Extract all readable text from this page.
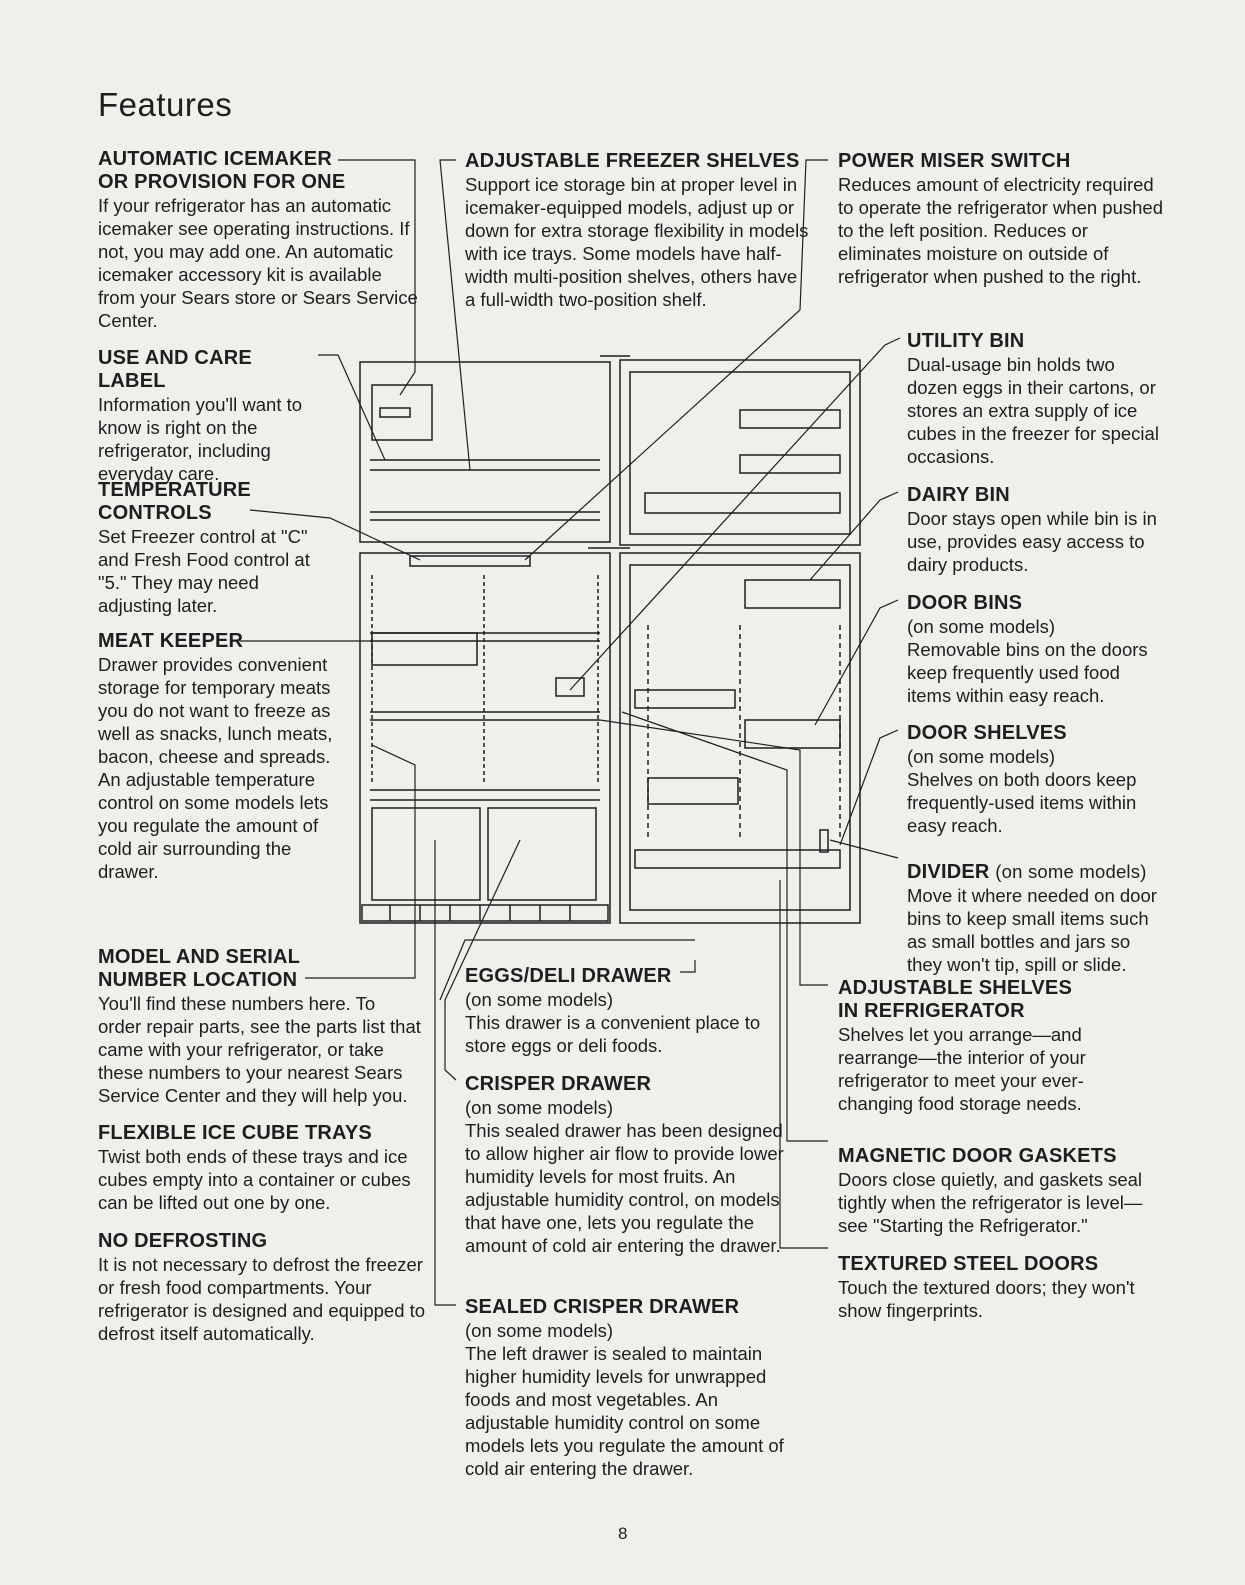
Features
AUTOMATIC ICEMAKER
OR PROVISION FOR ONE

If your refrigerator has an automatic icemaker see operating instructions. If not, you may add one. An automatic icemaker accessory kit is available from your Sears store or Sears Service Center.

USE AND CARE LABEL

Information you'll want to know is right on the refrigerator, including everyday care.

TEMPERATURE
CONTROLS

Set Freezer control at "C" and Fresh Food control at "5." They may need adjusting later.

MEAT KEEPER

Drawer provides convenient storage for temporary meats you do not want to freeze as well as snacks, lunch meats, bacon, cheese and spreads. An adjustable temperature control on some models lets you regulate the amount of cold air surrounding the drawer.

MODEL AND SERIAL
NUMBER LOCATION

You'll find these numbers here. To order repair parts, see the parts list that came with your refrigerator, or take these numbers to your nearest Sears Service Center and they will help you.

FLEXIBLE ICE CUBE TRAYS

Twist both ends of these trays and ice cubes empty into a container or cubes can be lifted out one by one.

NO DEFROSTING

It is not necessary to defrost the freezer or fresh food compartments. Your refrigerator is designed and equipped to defrost itself automatically.

ADJUSTABLE FREEZER SHELVES

Support ice storage bin at proper level in icemaker-equipped models, adjust up or down for extra storage flexibility in models with ice trays. Some models have half-width multi-position shelves, others have a full-width two-position shelf.

EGGS/DELI DRAWER
(on some models)

This drawer is a convenient place to store eggs or deli foods.

CRISPER DRAWER
(on some models)

This sealed drawer has been designed to allow higher air flow to provide lower humidity levels for most fruits. An adjustable humidity control, on models that have one, lets you regulate the amount of cold air entering the drawer.

SEALED CRISPER DRAWER
(on some models)

The left drawer is sealed to maintain higher humidity levels for unwrapped foods and most vegetables. An adjustable humidity control on some models lets you regulate the amount of cold air entering the drawer.

POWER MISER SWITCH

Reduces amount of electricity required to operate the refrigerator when pushed to the left position. Reduces or eliminates moisture on outside of refrigerator when pushed to the right.

UTILITY BIN

Dual-usage bin holds two dozen eggs in their cartons, or stores an extra supply of ice cubes in the freezer for special occasions.

DAIRY BIN

Door stays open while bin is in use, provides easy access to dairy products.

DOOR BINS
(on some models)

Removable bins on the doors keep frequently used food items within easy reach.

DOOR SHELVES
(on some models)

Shelves on both doors keep frequently-used items within easy reach.

DIVIDER (on some models)

Move it where needed on door bins to keep small items such as small bottles and jars so they won't tip, spill or slide.

ADJUSTABLE SHELVES
IN REFRIGERATOR

Shelves let you arrange—and rearrange—the interior of your refrigerator to meet your ever-changing food storage needs.

MAGNETIC DOOR GASKETS

Doors close quietly, and gaskets seal tightly when the refrigerator is level—see "Starting the Refrigerator."

TEXTURED STEEL DOORS

Touch the textured doors; they won't show fingerprints.

8
